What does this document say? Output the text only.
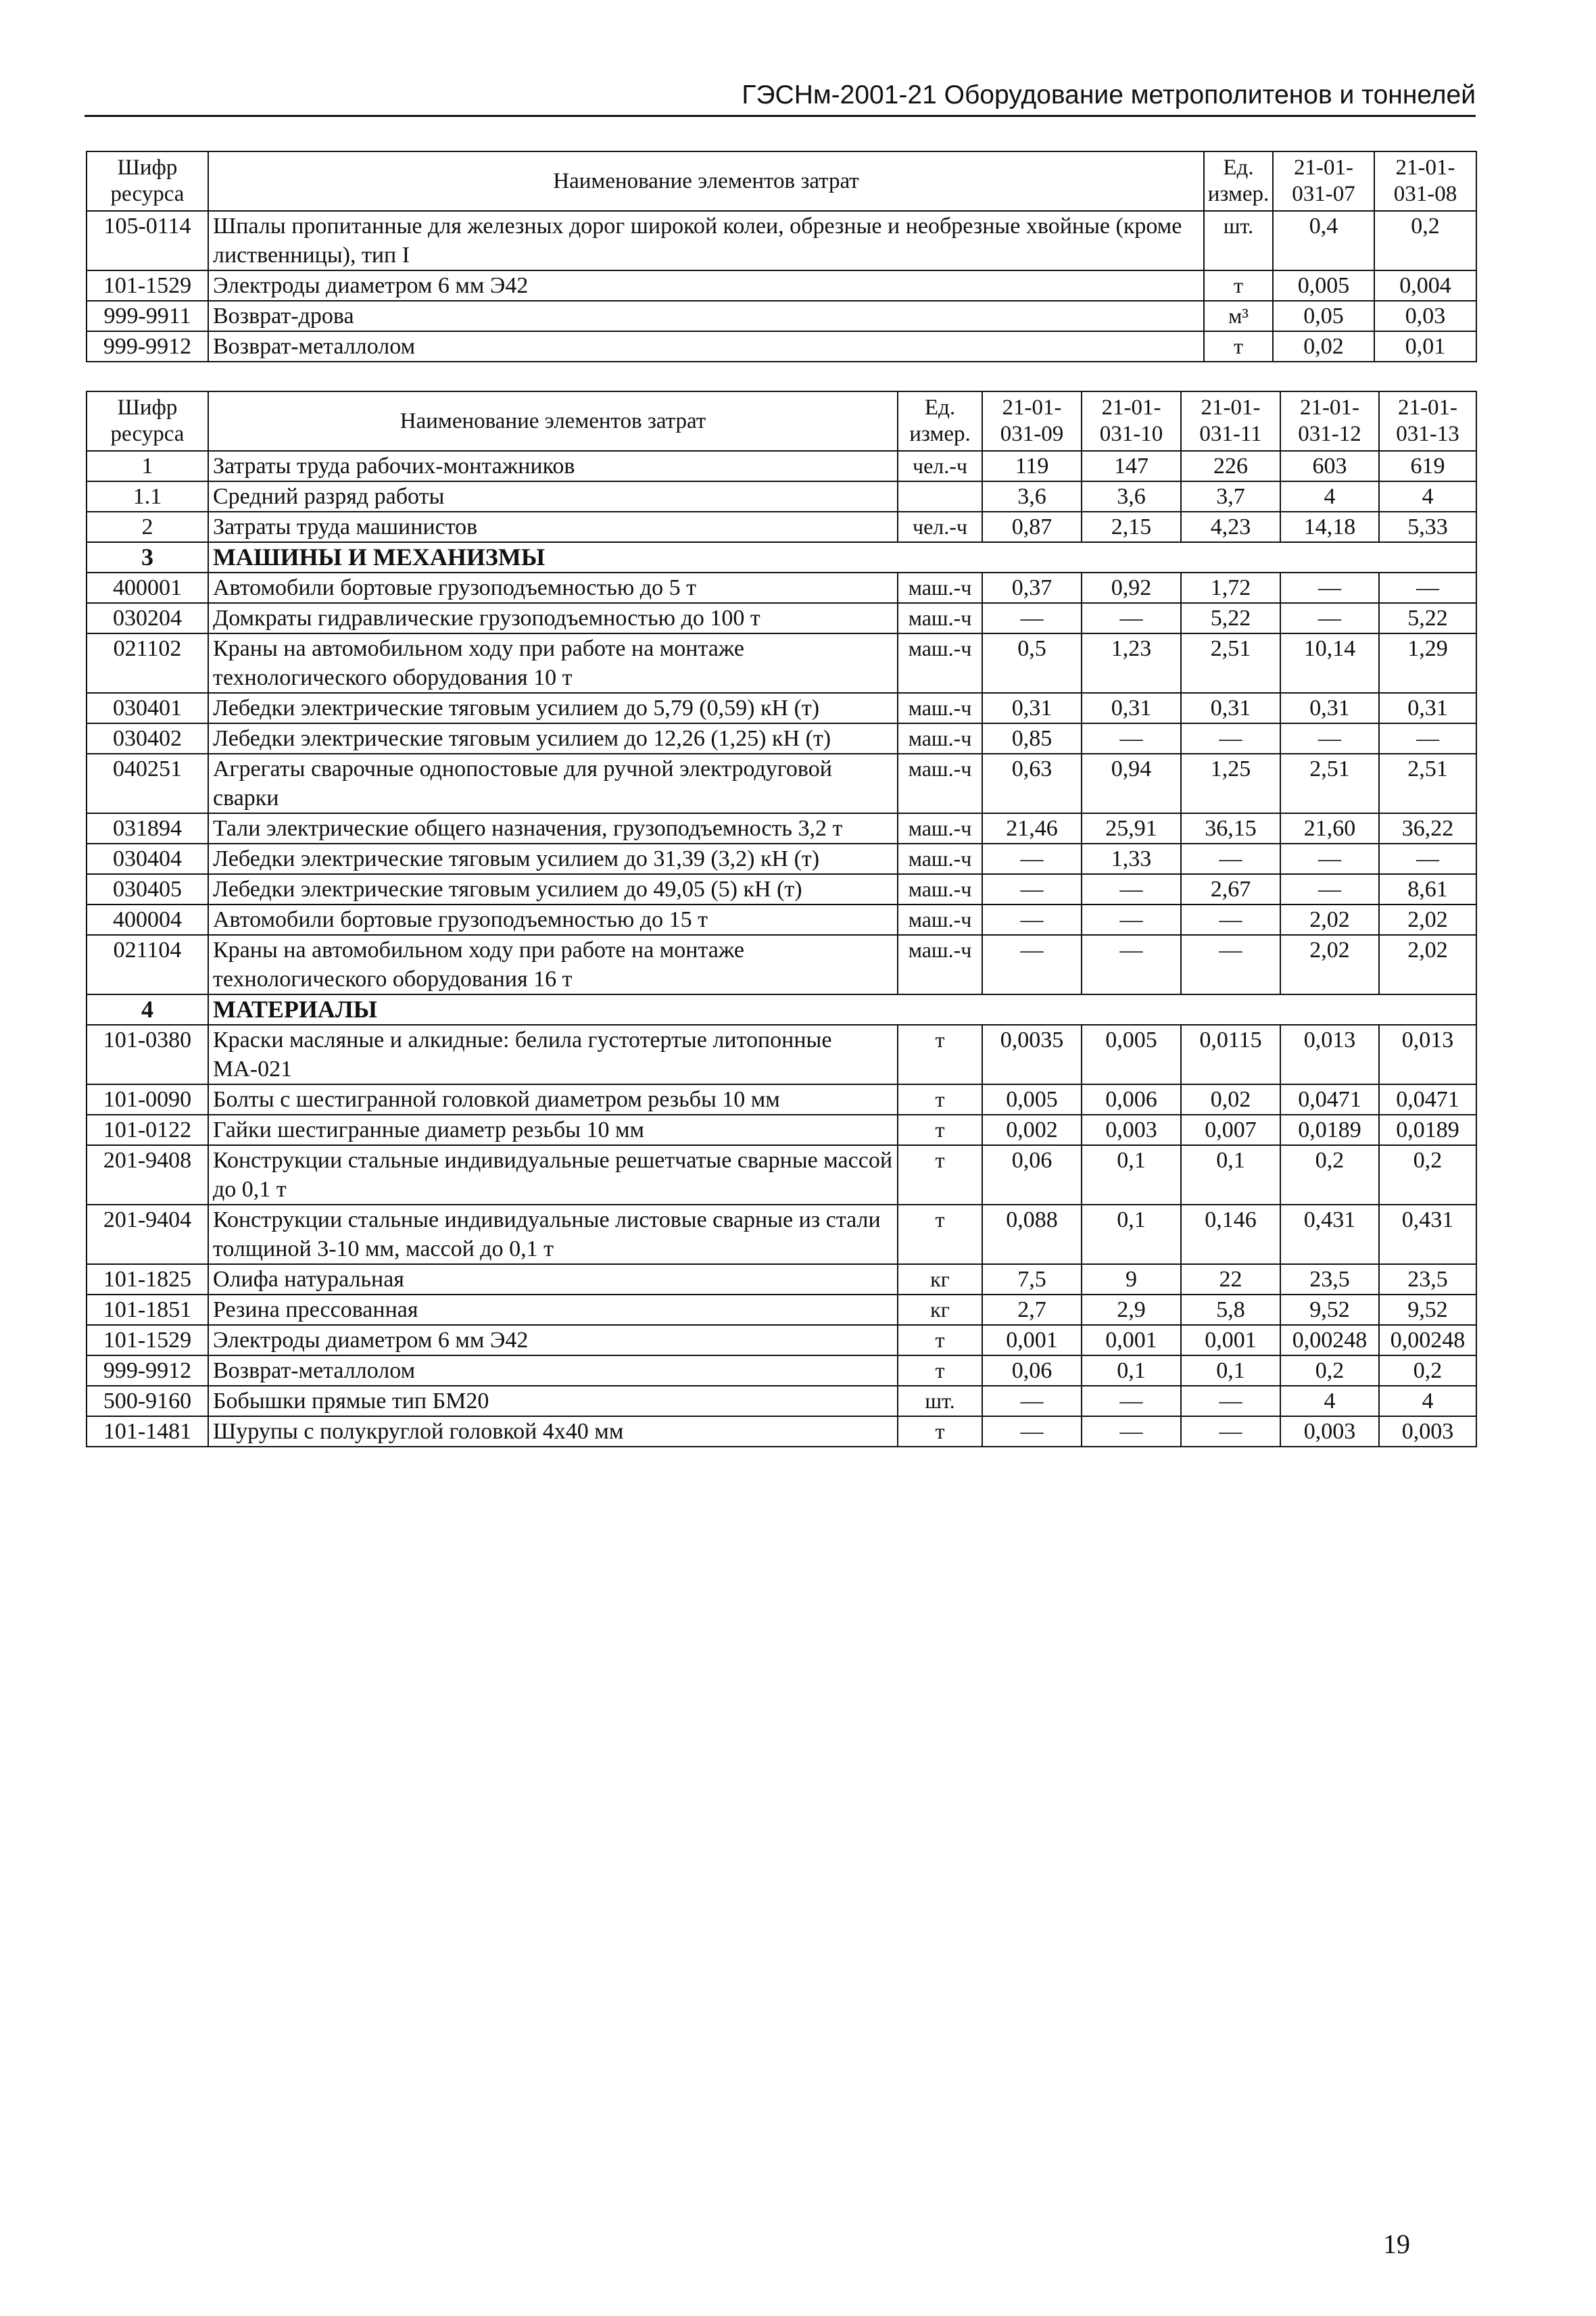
ГЭСНм-2001-21 Оборудование метрополитенов и тоннелей
Шифр ресурса	Наименование элементов затрат	Ед. измер.	21-01-031-07	21-01-031-08
105-0114	Шпалы пропитанные для железных дорог широкой колеи, обрезные и необрезные хвойные (кроме лиственницы), тип I	шт.	0,4	0,2
101-1529	Электроды диаметром 6 мм Э42	т	0,005	0,004
999-9911	Возврат-дрова	м³	0,05	0,03
999-9912	Возврат-металлолом	т	0,02	0,01
Шифр ресурса	Наименование элементов затрат	Ед. измер.	21-01-031-09	21-01-031-10	21-01-031-11	21-01-031-12	21-01-031-13
1	Затраты труда рабочих-монтажников	чел.-ч	119	147	226	603	619
1.1	Средний разряд работы		3,6	3,6	3,7	4	4
2	Затраты труда машинистов	чел.-ч	0,87	2,15	4,23	14,18	5,33
3	МАШИНЫ И МЕХАНИЗМЫ						
400001	Автомобили бортовые грузоподъемностью до 5 т	маш.-ч	0,37	0,92	1,72	—	—
030204	Домкраты гидравлические грузоподъемностью до 100 т	маш.-ч	—	—	5,22	—	5,22
021102	Краны на автомобильном ходу при работе на монтаже технологического оборудования 10 т	маш.-ч	0,5	1,23	2,51	10,14	1,29
030401	Лебедки электрические тяговым усилием до 5,79 (0,59) кН (т)	маш.-ч	0,31	0,31	0,31	0,31	0,31
030402	Лебедки электрические тяговым усилием до 12,26 (1,25) кН (т)	маш.-ч	0,85	—	—	—	—
040251	Агрегаты сварочные однопостовые для ручной электродуговой сварки	маш.-ч	0,63	0,94	1,25	2,51	2,51
031894	Тали электрические общего назначения, грузоподъемность 3,2 т	маш.-ч	21,46	25,91	36,15	21,60	36,22
030404	Лебедки электрические тяговым усилием до 31,39 (3,2) кН (т)	маш.-ч	—	1,33	—	—	—
030405	Лебедки электрические тяговым усилием до 49,05 (5) кН (т)	маш.-ч	—	—	2,67	—	8,61
400004	Автомобили бортовые грузоподъемностью до 15 т	маш.-ч	—	—	—	2,02	2,02
021104	Краны на автомобильном ходу при работе на монтаже технологического оборудования 16 т	маш.-ч	—	—	—	2,02	2,02
4	МАТЕРИАЛЫ						
101-0380	Краски масляные и алкидные: белила густотертые литопонные МА-021	т	0,0035	0,005	0,0115	0,013	0,013
101-0090	Болты с шестигранной головкой диаметром резьбы 10 мм	т	0,005	0,006	0,02	0,0471	0,0471
101-0122	Гайки шестигранные диаметр резьбы 10 мм	т	0,002	0,003	0,007	0,0189	0,0189
201-9408	Конструкции стальные индивидуальные решетчатые сварные массой до 0,1 т	т	0,06	0,1	0,1	0,2	0,2
201-9404	Конструкции стальные индивидуальные листовые сварные из стали толщиной 3-10 мм, массой до 0,1 т	т	0,088	0,1	0,146	0,431	0,431
101-1825	Олифа натуральная	кг	7,5	9	22	23,5	23,5
101-1851	Резина прессованная	кг	2,7	2,9	5,8	9,52	9,52
101-1529	Электроды диаметром 6 мм Э42	т	0,001	0,001	0,001	0,00248	0,00248
999-9912	Возврат-металлолом	т	0,06	0,1	0,1	0,2	0,2
500-9160	Бобышки прямые тип БМ20	шт.	—	—	—	4	4
101-1481	Шурупы с полукруглой головкой 4х40 мм	т	—	—	—	0,003	0,003
19
